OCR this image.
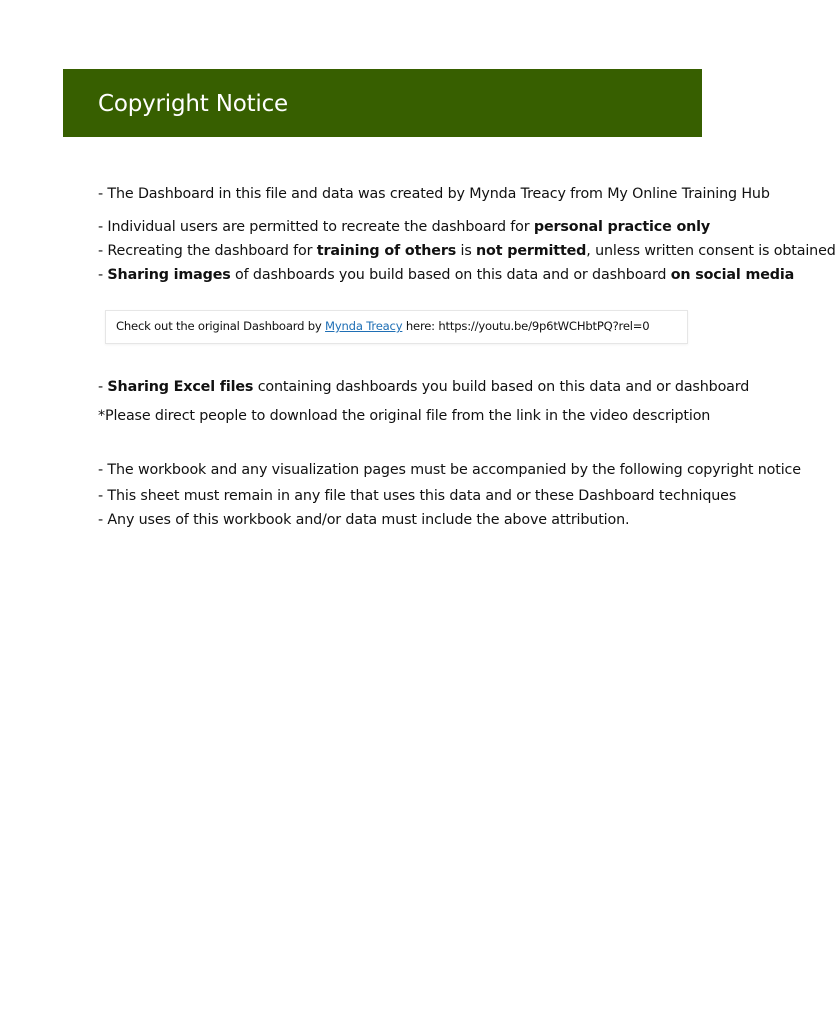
Copyright Notice
- The Dashboard in this file and data was created by Mynda Treacy from My Online Training Hub
- Individual users are permitted to recreate the dashboard for personal practice only
- Recreating the dashboard for training of others is not permitted, unless written consent is obtained
- Sharing images of dashboards you build based on this data and or dashboard on social media
Check out the original Dashboard by Mynda Treacy here: https://youtu.be/9p6tWCHbtPQ?rel=0
- Sharing Excel files containing dashboards you build based on this data and or dashboard
*Please direct people to download the original file from the link in the video description
- The workbook and any visualization pages must be accompanied by the following copyright notice
- This sheet must remain in any file that uses this data and or these Dashboard techniques
- Any uses of this workbook and/or data must include the above attribution.
